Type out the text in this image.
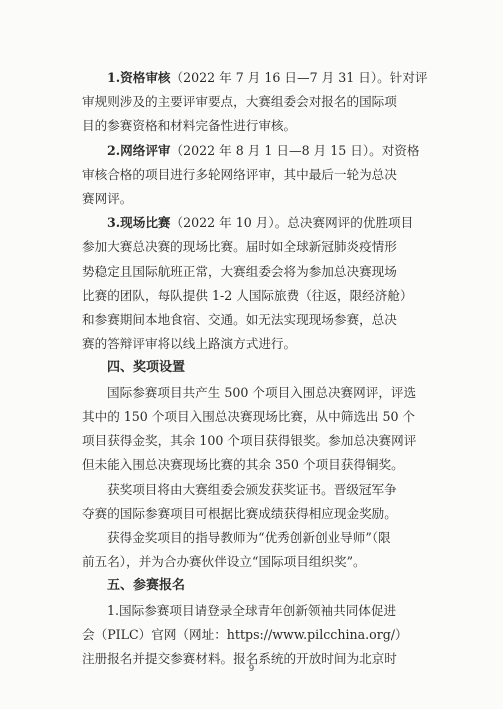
1.资格审核（2022 年 7 月 16 日—7 月 31 日）。针对评
审规则涉及的主要评审要点，大赛组委会对报名的国际项
目的参赛资格和材料完备性进行审核。
2.网络评审（2022 年 8 月 1 日—8 月 15 日）。对资格
审核合格的项目进行多轮网络评审，其中最后一轮为总决
赛网评。
3.现场比赛（2022 年 10 月）。总决赛网评的优胜项目
参加大赛总决赛的现场比赛。届时如全球新冠肺炎疫情形
势稳定且国际航班正常，大赛组委会将为参加总决赛现场
比赛的团队，每队提供 1-2 人国际旅费（往返，限经济舱）
和参赛期间本地食宿、交通。如无法实现现场参赛，总决
赛的答辩评审将以线上路演方式进行。
四、奖项设置
国际参赛项目共产生 500 个项目入围总决赛网评，评选
其中的 150 个项目入围总决赛现场比赛，从中筛选出 50 个
项目获得金奖，其余 100 个项目获得银奖。参加总决赛网评
但未能入围总决赛现场比赛的其余 350 个项目获得铜奖。
获奖项目将由大赛组委会颁发获奖证书。晋级冠军争
夺赛的国际参赛项目可根据比赛成绩获得相应现金奖励。
获得金奖项目的指导教师为“优秀创新创业导师”（限
前五名），并为合办赛伙伴设立“国际项目组织奖”。
五、参赛报名
1.国际参赛项目请登录全球青年创新领袖共同体促进
会（PILC）官网（网址：https://www.pilcchina.org/）
注册报名并提交参赛材料。报名系统的开放时间为北京时
9
